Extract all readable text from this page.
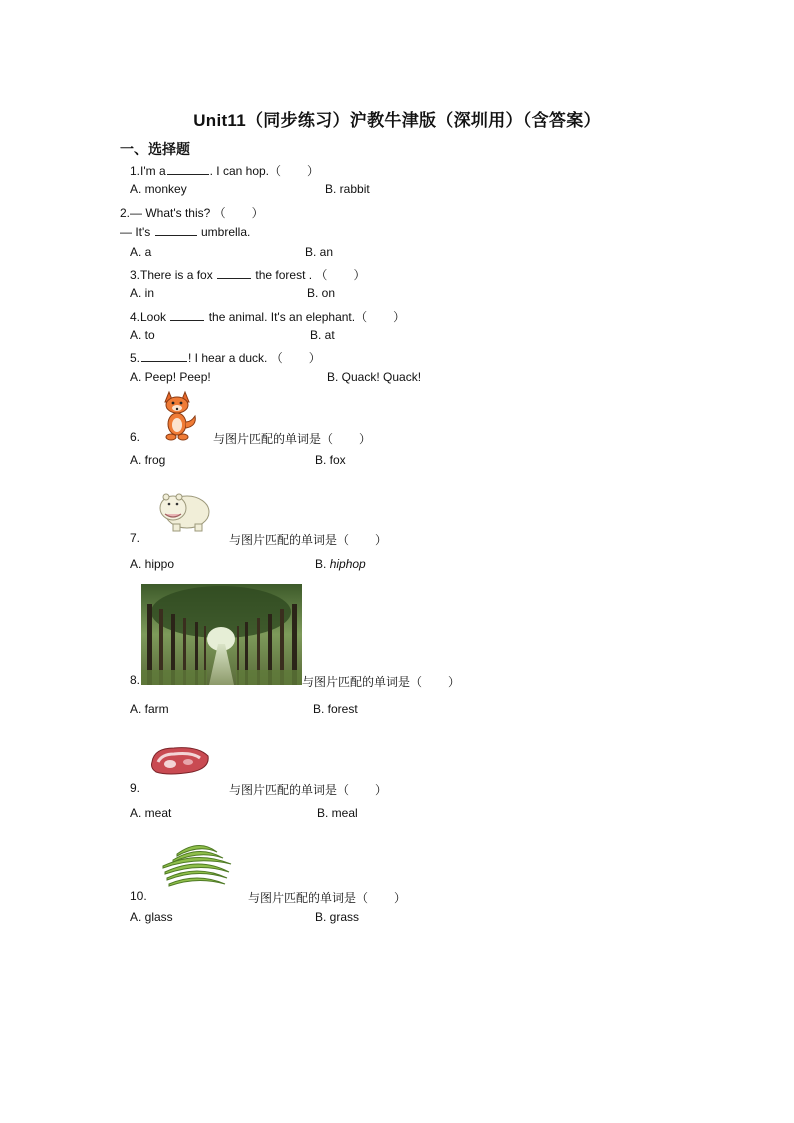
Unit11（同步练习）沪教牛津版（深圳用）（含答案）
一、选择题
1.I'm a	. I can hop.（ ）
A. monkey	B. rabbit
2.— What's this? （ ）
— It's	umbrella.
A. a	B. an
3.There is a fox	the forest . （ ）
A. in	B. on
4.Look	the animal. It's an elephant.（ ）
A. to	B. at
5.	! I hear a duck. （ ）
A. Peep! Peep!	B. Quack! Quack!
6.	与图片匹配的单词是（ ）
A. frog	B. fox
7.	与图片匹配的单词是（ ）
A. hippo	B. hiphop
8.	与图片匹配的单词是（ ）
A. farm	B. forest
9.	与图片匹配的单词是（ ）
A. meat	B. meal
10.	与图片匹配的单词是（ ）
A. glass	B. grass
